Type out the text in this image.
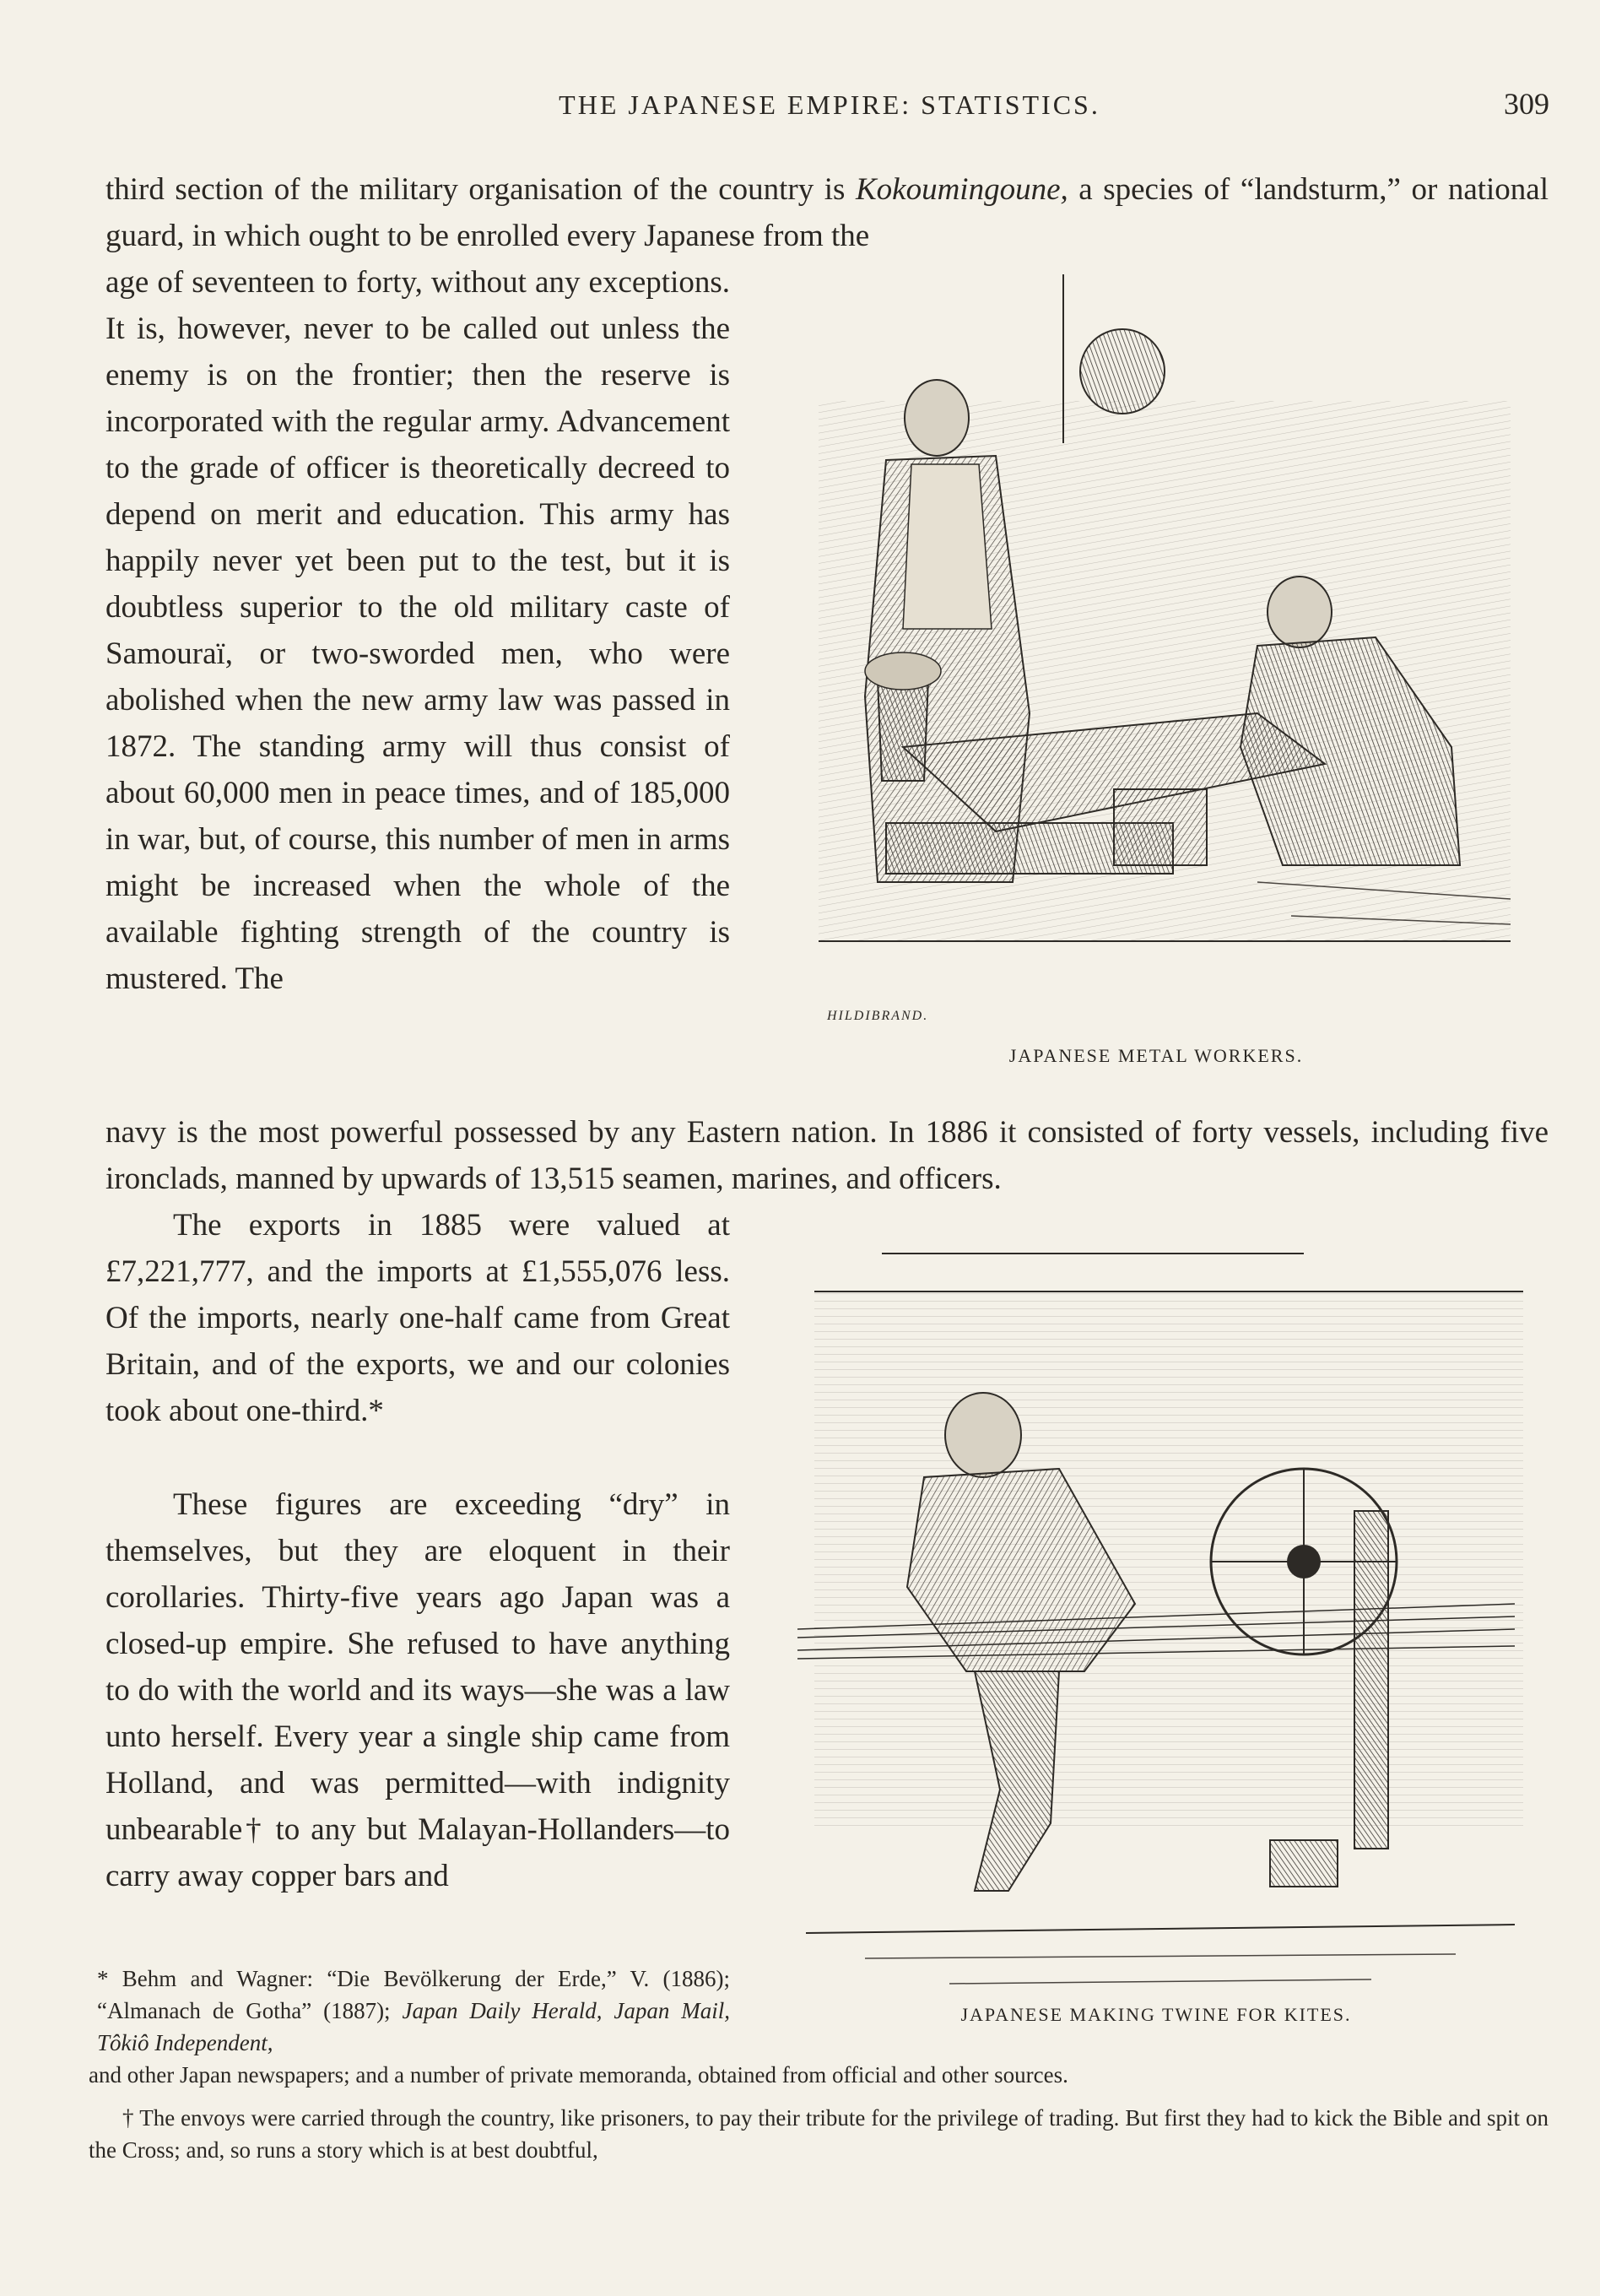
THE JAPANESE EMPIRE: STATISTICS.	309

third section of the military organisation of the country is Kokoumingoune, a species of “landsturm,” or national guard, in which ought to be enrolled every Japanese from the

age of seventeen to forty, without any exceptions. It is, however, never to be called out unless the enemy is on the frontier; then the reserve is incorporated with the regular army. Advancement to the grade of officer is theoretically decreed to depend on merit and education. This army has happily never yet been put to the test, but it is doubtless superior to the old military caste of Samouraï, or two-sworded men, who were abolished when the new army law was passed in 1872. The standing army will thus consist of about 60,000 men in peace times, and of 185,000 in war, but, of course, this number of men in arms might be increased when the whole of the available fighting strength of the country is mustered. The

navy is the most powerful possessed by any Eastern nation. In 1886 it consisted of forty vessels, including five ironclads, manned by upwards of 13,515 seamen, marines, and officers.

The exports in 1885 were valued at £7,221,777, and the imports at £1,555,076 less. Of the imports, nearly one-half came from Great Britain, and of the exports, we and our colonies took about one-third.*

These figures are exceeding “dry” in themselves, but they are eloquent in their corollaries. Thirty-five years ago Japan was a closed-up empire. She refused to have anything to do with the world and its ways—she was a law unto herself. Every year a single ship came from Holland, and was permitted—with indignity unbearable† to any but Malayan-Hollanders—to carry away copper bars and

HILDIBRAND.
JAPANESE METAL WORKERS.
JAPANESE MAKING TWINE FOR KITES.

* Behm and Wagner: “Die Bevölkerung der Erde,” V. (1886); “Almanach de Gotha” (1887); Japan Daily Herald, Japan Mail, Tôkiô Independent,

and other Japan newspapers; and a number of private memoranda, obtained from official and other sources.

† The envoys were carried through the country, like prisoners, to pay their tribute for the privilege of trading. But first they had to kick the Bible and spit on the Cross; and, so runs a story which is at best doubtful,
